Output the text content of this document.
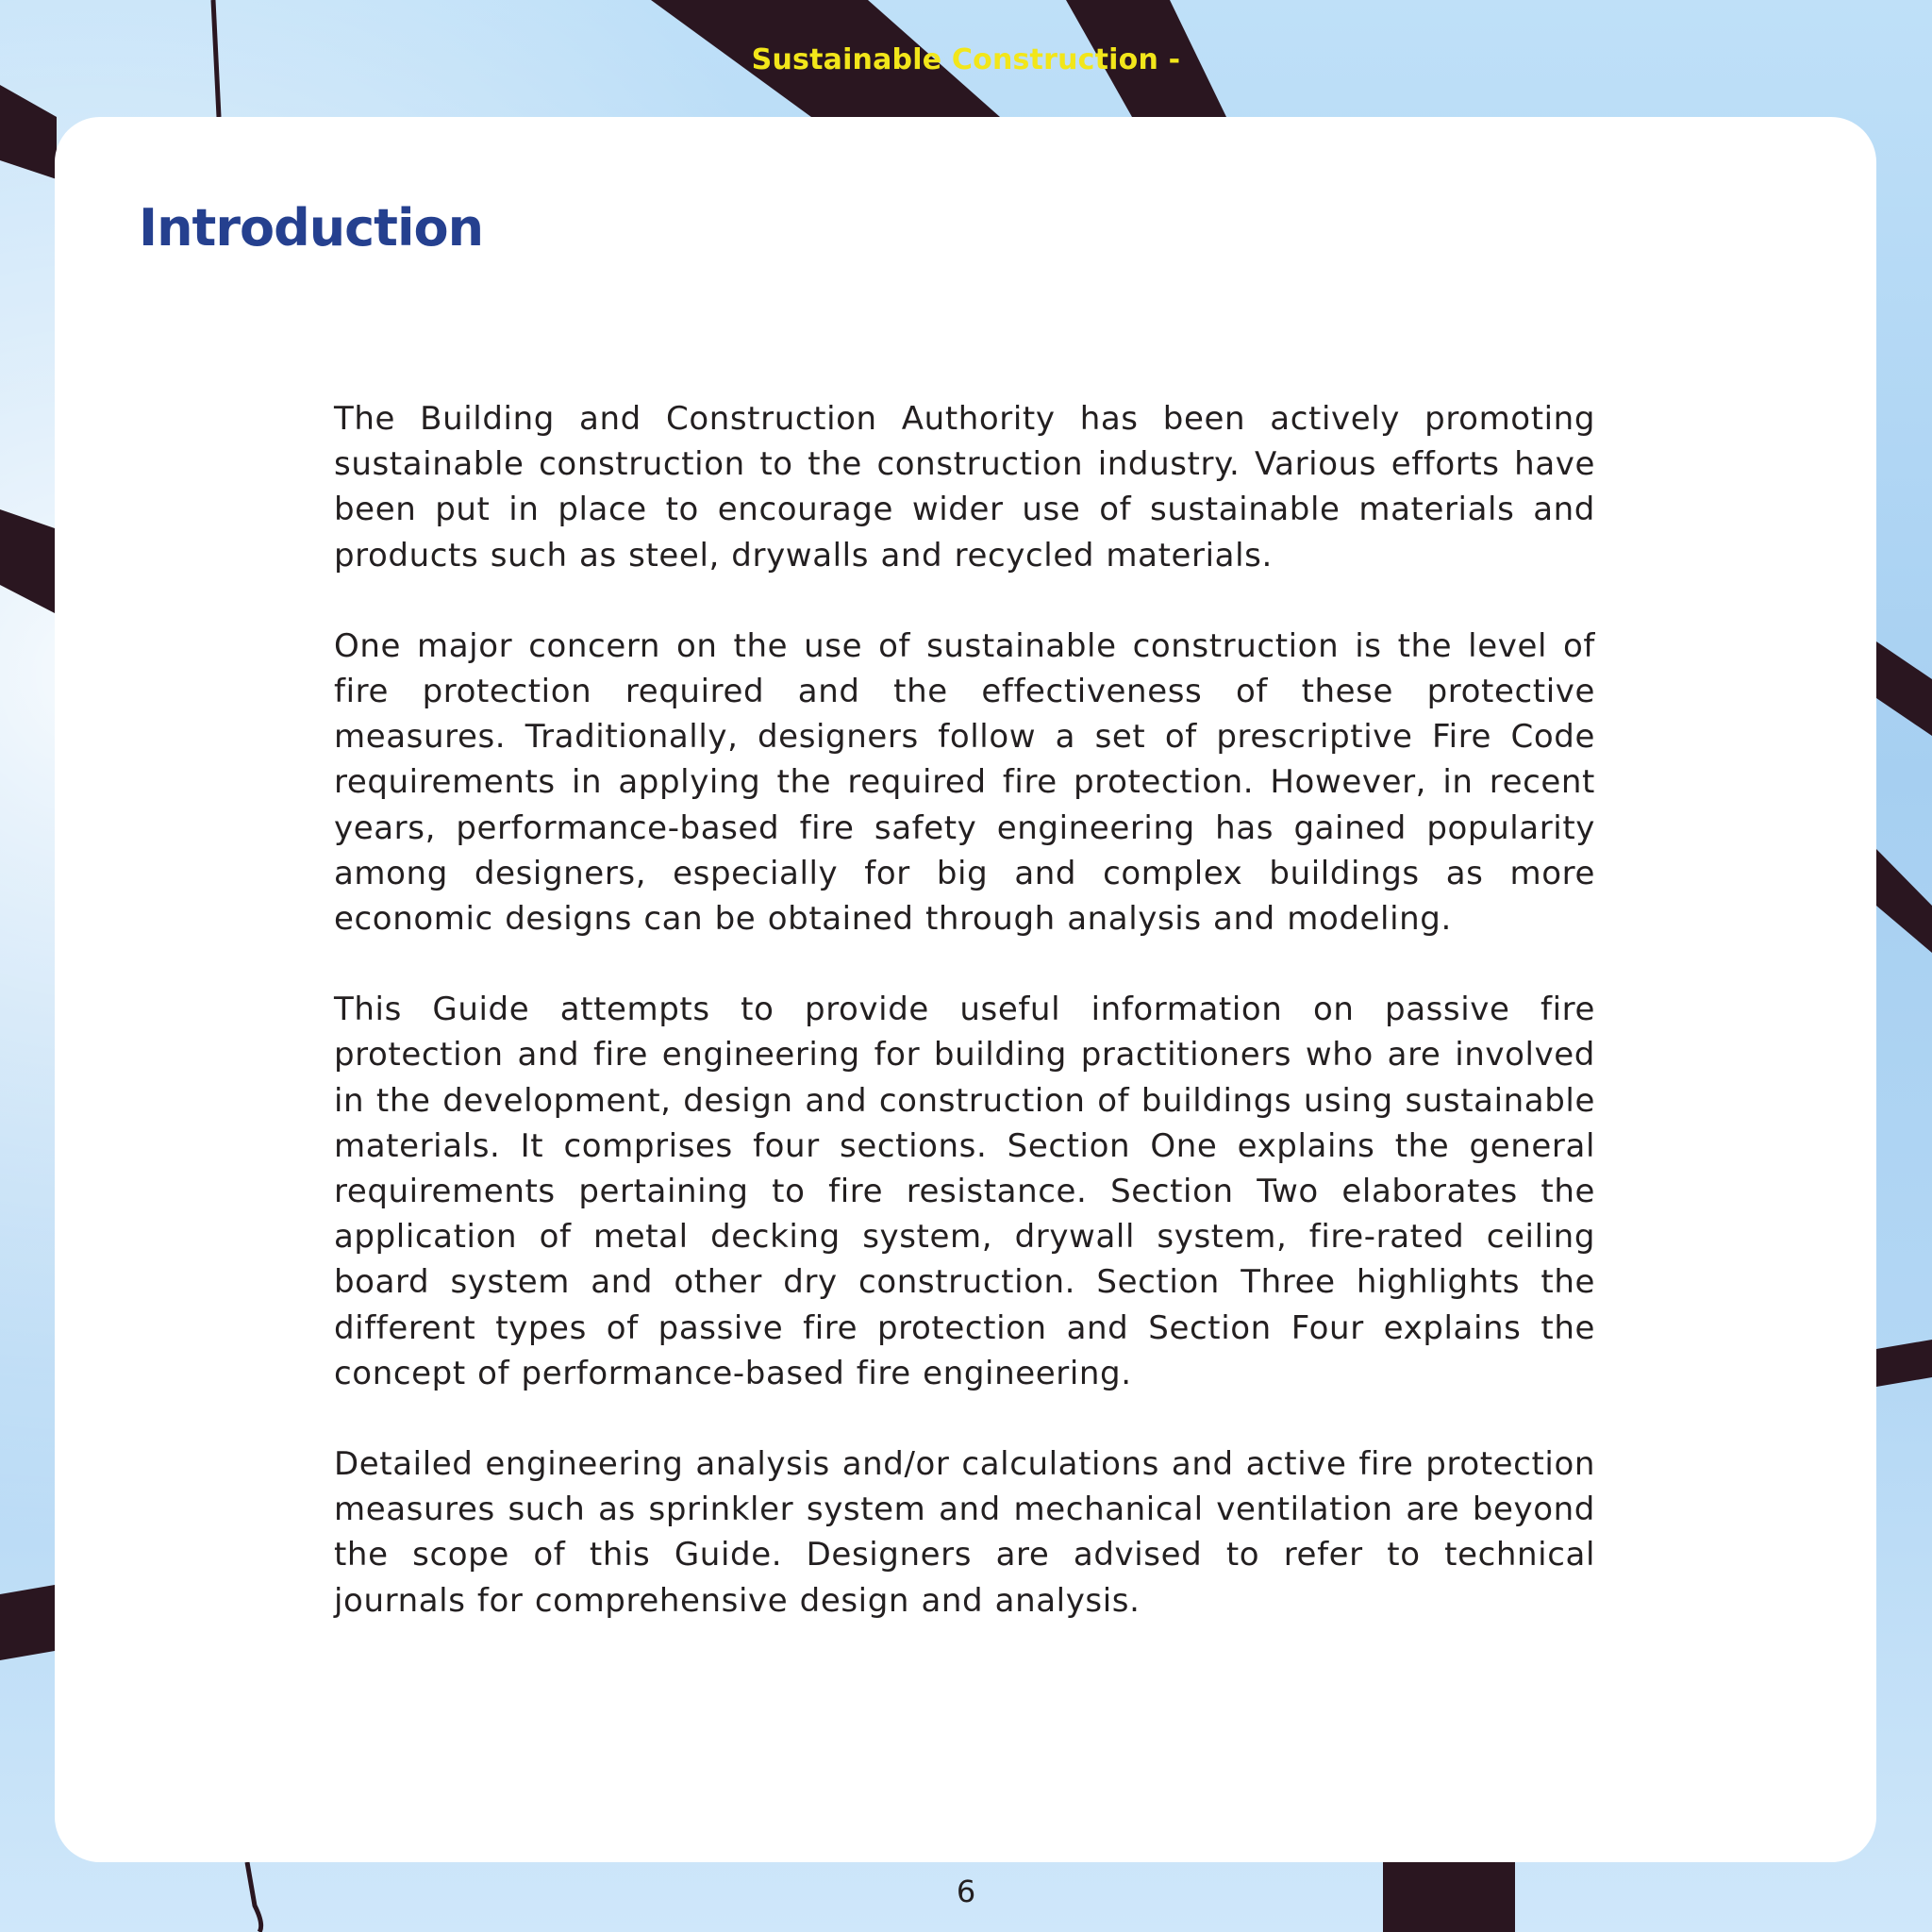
Sustainable Construction -
Introduction

The Building and Construction Authority has been actively promoting sustainable construction to the construction industry. Various efforts have been put in place to encourage wider use of sustainable materials and products such as steel, drywalls and recycled materials.

One major concern on the use of sustainable construction is the level of fire protection required and the effectiveness of these protective measures. Traditionally, designers follow a set of prescriptive Fire Code requirements in applying the required fire protection. However, in recent years, performance-based fire safety engineering has gained popularity among designers, especially for big and complex buildings as more economic designs can be obtained through analysis and modeling.

This Guide attempts to provide useful information on passive fire protection and fire engineering for building practitioners who are involved in the development, design and construction of buildings using sustainable materials. It comprises four sections. Section One explains the general requirements pertaining to fire resistance. Section Two elaborates the application of metal decking system, drywall system, fire-rated ceiling board system and other dry construction. Section Three highlights the different types of passive fire protection and Section Four explains the concept of performance-based fire engineering.

Detailed engineering analysis and/or calculations and active fire protection measures such as sprinkler system and mechanical ventilation are beyond the scope of this Guide. Designers are advised to refer to technical journals for comprehensive design and analysis.

6
